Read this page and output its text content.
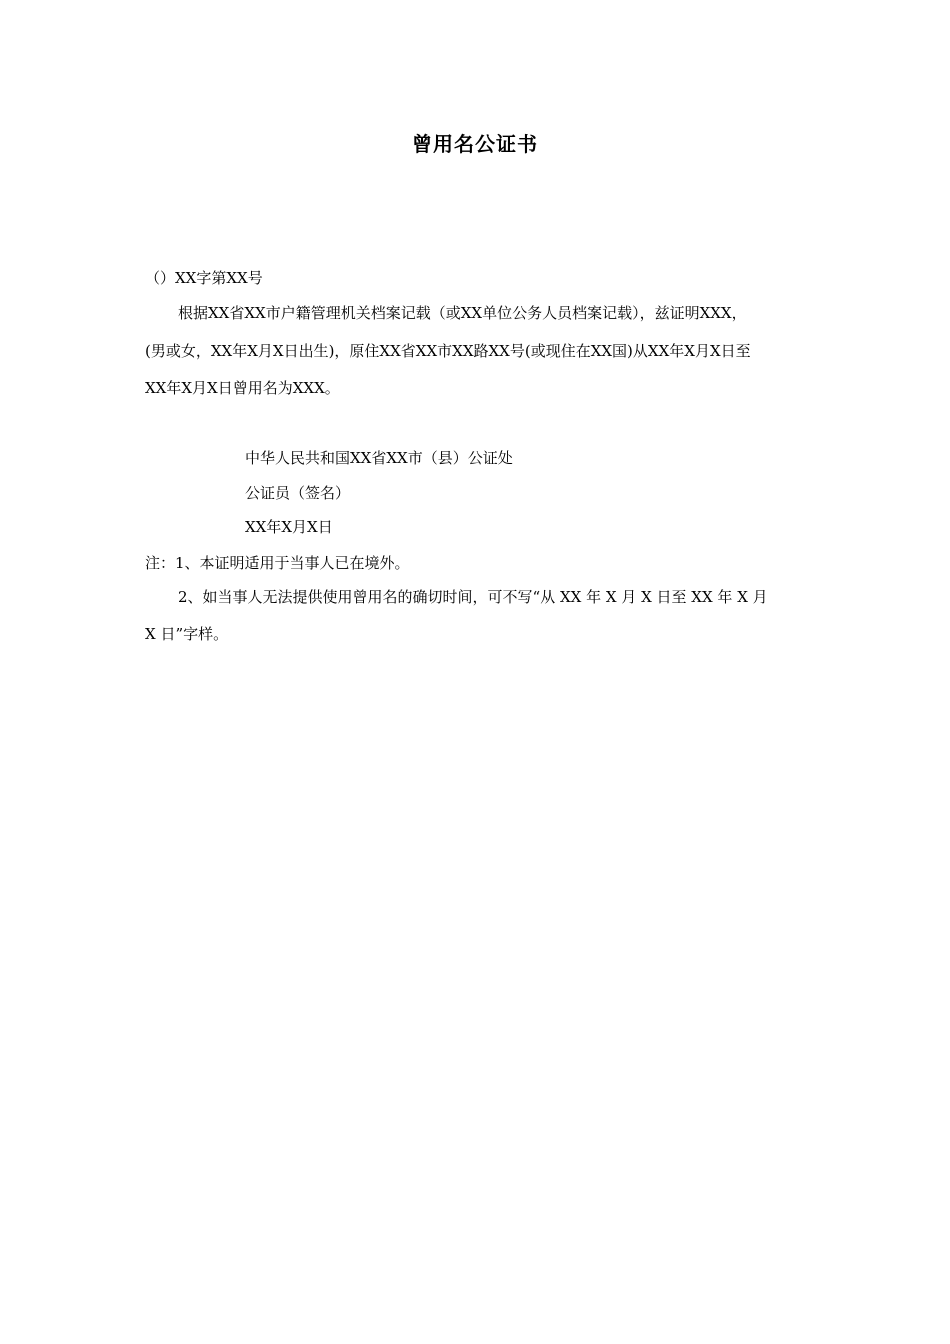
曾用名公证书
（）XX字第XX号
根据XX省XX市户籍管理机关档案记载（或XX单位公务人员档案记载），兹证明XXX，
(男或女，XX年X月X日出生)，原住XX省XX市XX路XX号(或现住在XX国)从XX年X月X日至
XX年X月X日曾用名为XXX。
中华人民共和国XX省XX市（县）公证处
公证员（签名）
XX年X月X日
注：1、本证明适用于当事人已在境外。
2、如当事人无法提供使用曾用名的确切时间，可不写“从 XX 年 X 月 X 日至 XX 年 X 月
X 日”字样。
